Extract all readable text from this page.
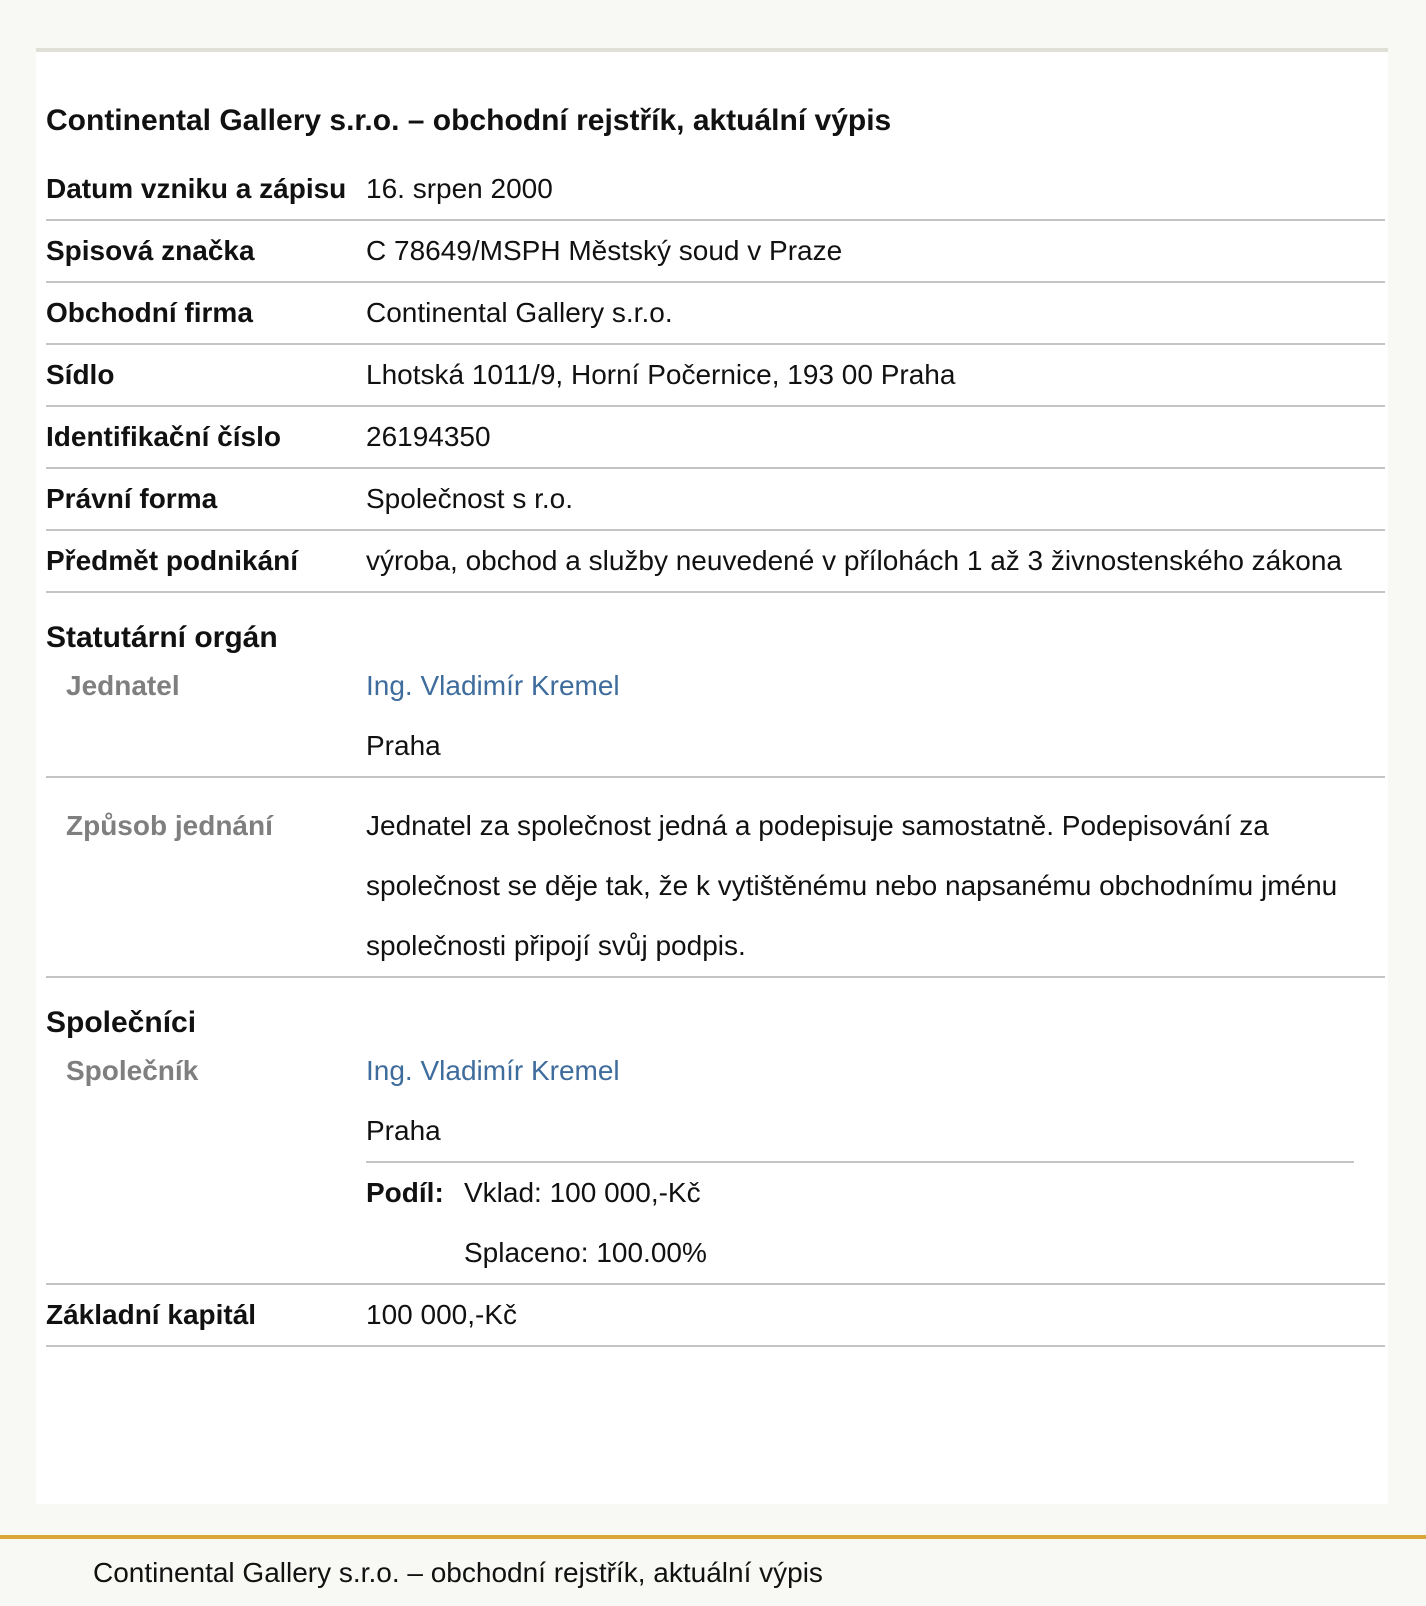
Continental Gallery s.r.o. – obchodní rejstřík, aktuální výpis
Datum vzniku a zápisu 16. srpen 2000
Spisová značka	C 78649/MSPH Městský soud v Praze
Obchodní firma	Continental Gallery s.r.o.
Sídlo	Lhotská 1011/9, Horní Počernice, 193 00 Praha
Identifikační číslo	26194350
Právní forma	Společnost s r.o.
Předmět podnikání	výroba, obchod a služby neuvedené v přílohách 1 až 3 živnostenského zákona
Statutární orgán
Jednatel	Ing. Vladimír Kremel
Praha
Způsob jednání	Jednatel za společnost jedná a podepisuje samostatně. Podepisování za společnost se děje tak, že k vytištěnému nebo napsanému obchodnímu jménu společnosti připojí svůj podpis.
Společníci
Společník	Ing. Vladimír Kremel
Praha
Podíl: Vklad: 100 000,-Kč
Splaceno: 100.00%
Základní kapitál	100 000,-Kč
Continental Gallery s.r.o. – obchodní rejstřík, aktuální výpis
